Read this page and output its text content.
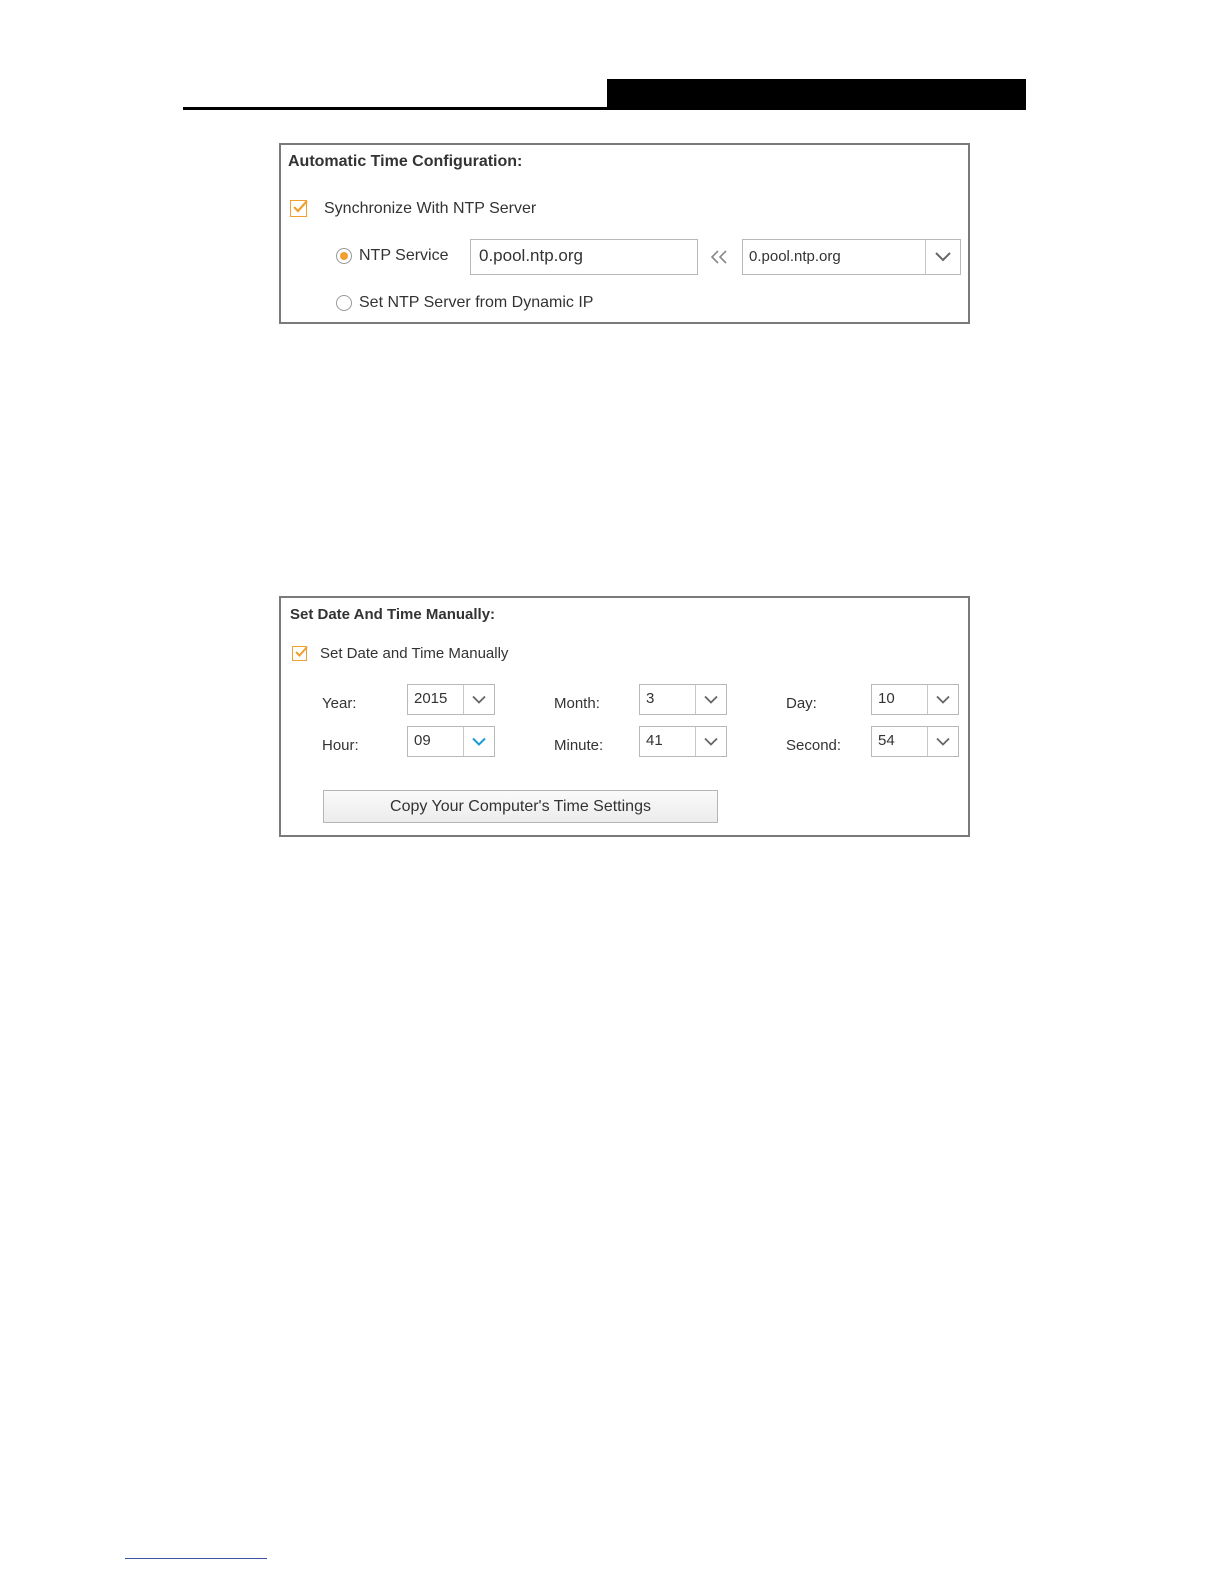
Automatic Time Configuration:
Synchronize With NTP Server
NTP Service	0.pool.ntp.org	0.pool.ntp.org
Set NTP Server from Dynamic IP
Set Date And Time Manually:
Set Date and Time Manually
Year:	2015	Month:	3	Day:	10
Hour:	09	Minute:	41	Second: 54
Copy Your Computer's Time Settings
